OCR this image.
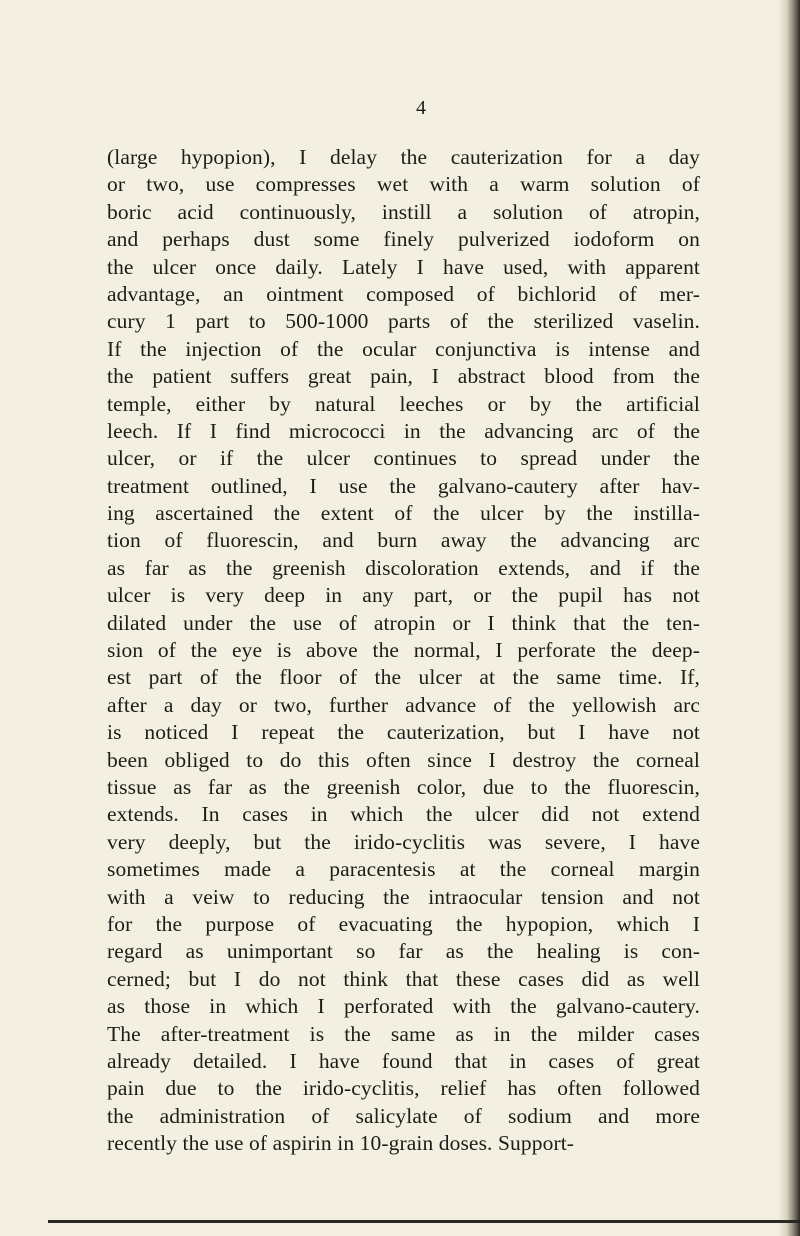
4
(large hypopion), I delay the cauterization for a day
or two, use compresses wet with a warm solution of
boric acid continuously, instill a solution of atropin,
and perhaps dust some finely pulverized iodoform on
the ulcer once daily. Lately I have used, with apparent
advantage, an ointment composed of bichlorid of mer-
cury 1 part to 500-1000 parts of the sterilized vaselin.
If the injection of the ocular conjunctiva is intense and
the patient suffers great pain, I abstract blood from the
temple, either by natural leeches or by the artificial
leech. If I find micrococci in the advancing arc of the
ulcer, or if the ulcer continues to spread under the
treatment outlined, I use the galvano-cautery after hav-
ing ascertained the extent of the ulcer by the instilla-
tion of fluorescin, and burn away the advancing arc
as far as the greenish discoloration extends, and if the
ulcer is very deep in any part, or the pupil has not
dilated under the use of atropin or I think that the ten-
sion of the eye is above the normal, I perforate the deep-
est part of the floor of the ulcer at the same time. If,
after a day or two, further advance of the yellowish arc
is noticed I repeat the cauterization, but I have not
been obliged to do this often since I destroy the corneal
tissue as far as the greenish color, due to the fluorescin,
extends. In cases in which the ulcer did not extend
very deeply, but the irido-cyclitis was severe, I have
sometimes made a paracentesis at the corneal margin
with a veiw to reducing the intraocular tension and not
for the purpose of evacuating the hypopion, which I
regard as unimportant so far as the healing is con-
cerned; but I do not think that these cases did as well
as those in which I perforated with the galvano-cautery.
The after-treatment is the same as in the milder cases
already detailed. I have found that in cases of great
pain due to the irido-cyclitis, relief has often followed
the administration of salicylate of sodium and more
recently the use of aspirin in 10-grain doses. Support-
